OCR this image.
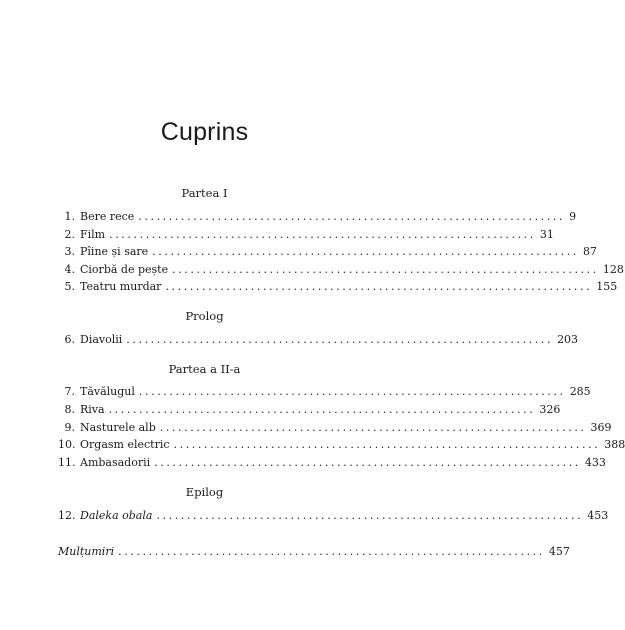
Cuprins
Partea I
1. Bere rece ...................................................................... 9
2. Film ...................................................................... 31
3. Pîine și sare ...................................................................... 87
4. Ciorbă de pește ...................................................................... 128
5. Teatru murdar ...................................................................... 155
Prolog
6. Diavolii ...................................................................... 203
Partea a II-a
7. Tăvălugul ...................................................................... 285
8. Riva ...................................................................... 326
9. Nasturele alb ...................................................................... 369
10. Orgasm electric ...................................................................... 388
11. Ambasadorii ...................................................................... 433
Epilog
12. Daleka obala ...................................................................... 453
Mulțumiri ...................................................................... 457
